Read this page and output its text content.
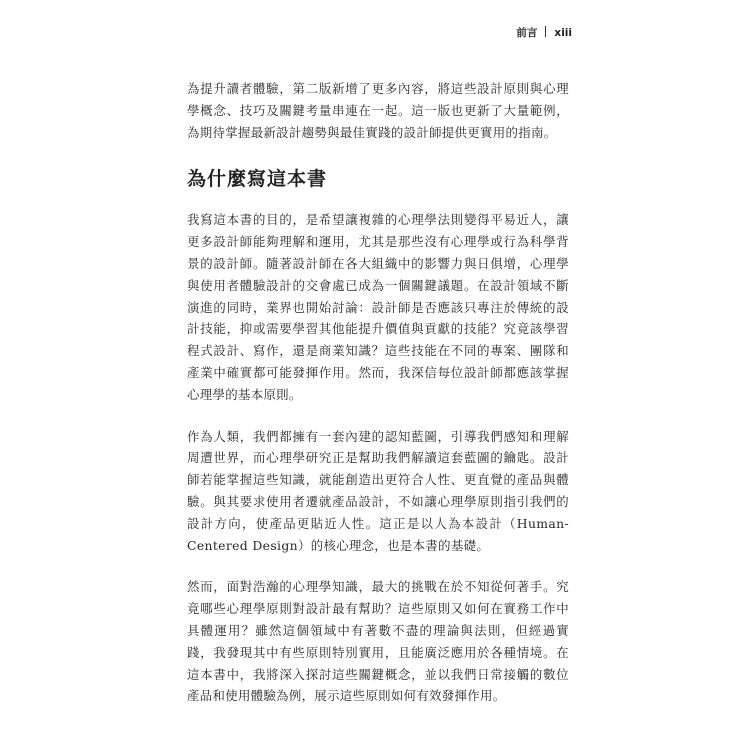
前言 xiii

為提升讀者體驗，第二版新增了更多內容，將這些設計原則與心理學概念、技巧及關鍵考量串連在一起。這一版也更新了大量範例，為期待掌握最新設計趨勢與最佳實踐的設計師提供更實用的指南。

為什麼寫這本書

我寫這本書的目的，是希望讓複雜的心理學法則變得平易近人，讓更多設計師能夠理解和運用，尤其是那些沒有心理學或行為科學背景的設計師。隨著設計師在各大組織中的影響力與日俱增，心理學與使用者體驗設計的交會處已成為一個關鍵議題。在設計領域不斷演進的同時，業界也開始討論：設計師是否應該只專注於傳統的設計技能，抑或需要學習其他能提升價值與貢獻的技能？究竟該學習程式設計、寫作，還是商業知識？這些技能在不同的專案、團隊和產業中確實都可能發揮作用。然而，我深信每位設計師都應該掌握心理學的基本原則。

作為人類，我們都擁有一套內建的認知藍圖，引導我們感知和理解周遭世界，而心理學研究正是幫助我們解讀這套藍圖的鑰匙。設計師若能掌握這些知識，就能創造出更符合人性、更直覺的產品與體驗。與其要求使用者遷就產品設計，不如讓心理學原則指引我們的設計方向，使產品更貼近人性。這正是以人為本設計（Human-Centered Design）的核心理念，也是本書的基礎。

然而，面對浩瀚的心理學知識，最大的挑戰在於不知從何著手。究竟哪些心理學原則對設計最有幫助？這些原則又如何在實務工作中具體運用？雖然這個領域中有著數不盡的理論與法則，但經過實踐，我發現其中有些原則特別實用，且能廣泛應用於各種情境。在這本書中，我將深入探討這些關鍵概念，並以我們日常接觸的數位產品和使用體驗為例，展示這些原則如何有效發揮作用。
